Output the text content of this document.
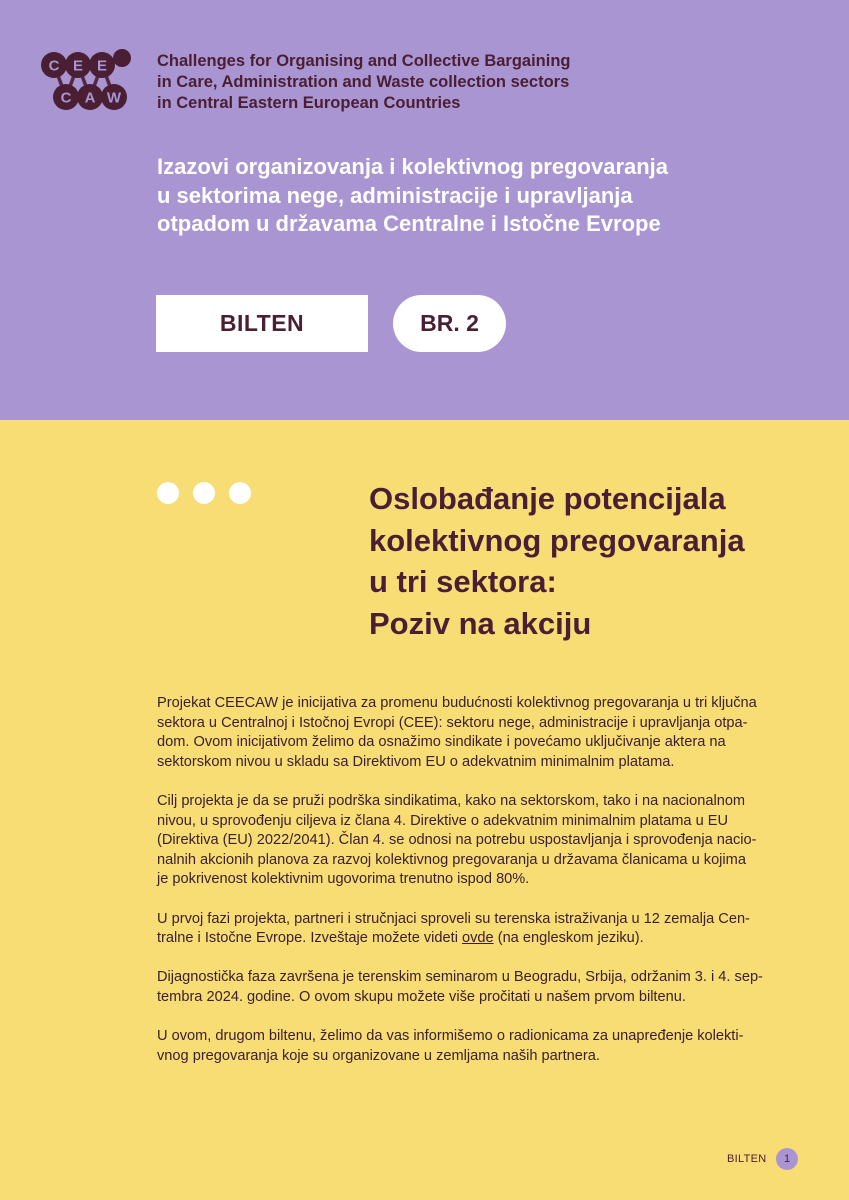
C E E
C A W
Challenges for Organising and Collective Bargaining
in Care, Administration and Waste collection sectors
in Central Eastern European Countries
Izazovi organizovanja i kolektivnog pregovaranja
u sektorima nege, administracije i upravljanja
otpadom u državama Centralne i Istočne Evrope
BILTEN	BR. 2
Oslobađanje potencijala
kolektivnog pregovaranja
u tri sektora:
Poziv na akciju

Projekat CEECAW je inicijativa za promenu budućnosti kolektivnog pregovaranja u tri ključna
sektora u Centralnoj i Istočnoj Evropi (CEE): sektoru nege, administracije i upravljanja otpa-
dom. Ovom inicijativom želimo da osnažimo sindikate i povećamo uključivanje aktera na
sektorskom nivou u skladu sa Direktivom EU o adekvatnim minimalnim platama.

Cilj projekta je da se pruži podrška sindikatima, kako na sektorskom, tako i na nacionalnom
nivou, u sprovođenju ciljeva iz člana 4. Direktive o adekvatnim minimalnim platama u EU
(Direktiva (EU) 2022/2041). Član 4. se odnosi na potrebu uspostavljanja i sprovođenja nacio-
nalnih akcionih planova za razvoj kolektivnog pregovaranja u državama članicama u kojima
je pokrivenost kolektivnim ugovorima trenutno ispod 80%.

U prvoj fazi projekta, partneri i stručnjaci sproveli su terenska istraživanja u 12 zemalja Cen-
tralne i Istočne Evrope. Izveštaje možete videti ovde (na engleskom jeziku).

Dijagnostička faza završena je terenskim seminarom u Beogradu, Srbija, održanim 3. i 4. sep-
tembra 2024. godine. O ovom skupu možete više pročitati u našem prvom biltenu.

U ovom, drugom biltenu, želimo da vas informišemo o radionicama za unapređenje kolekti-
vnog pregovaranja koje su organizovane u zemljama naših partnera.

BILTEN	1
